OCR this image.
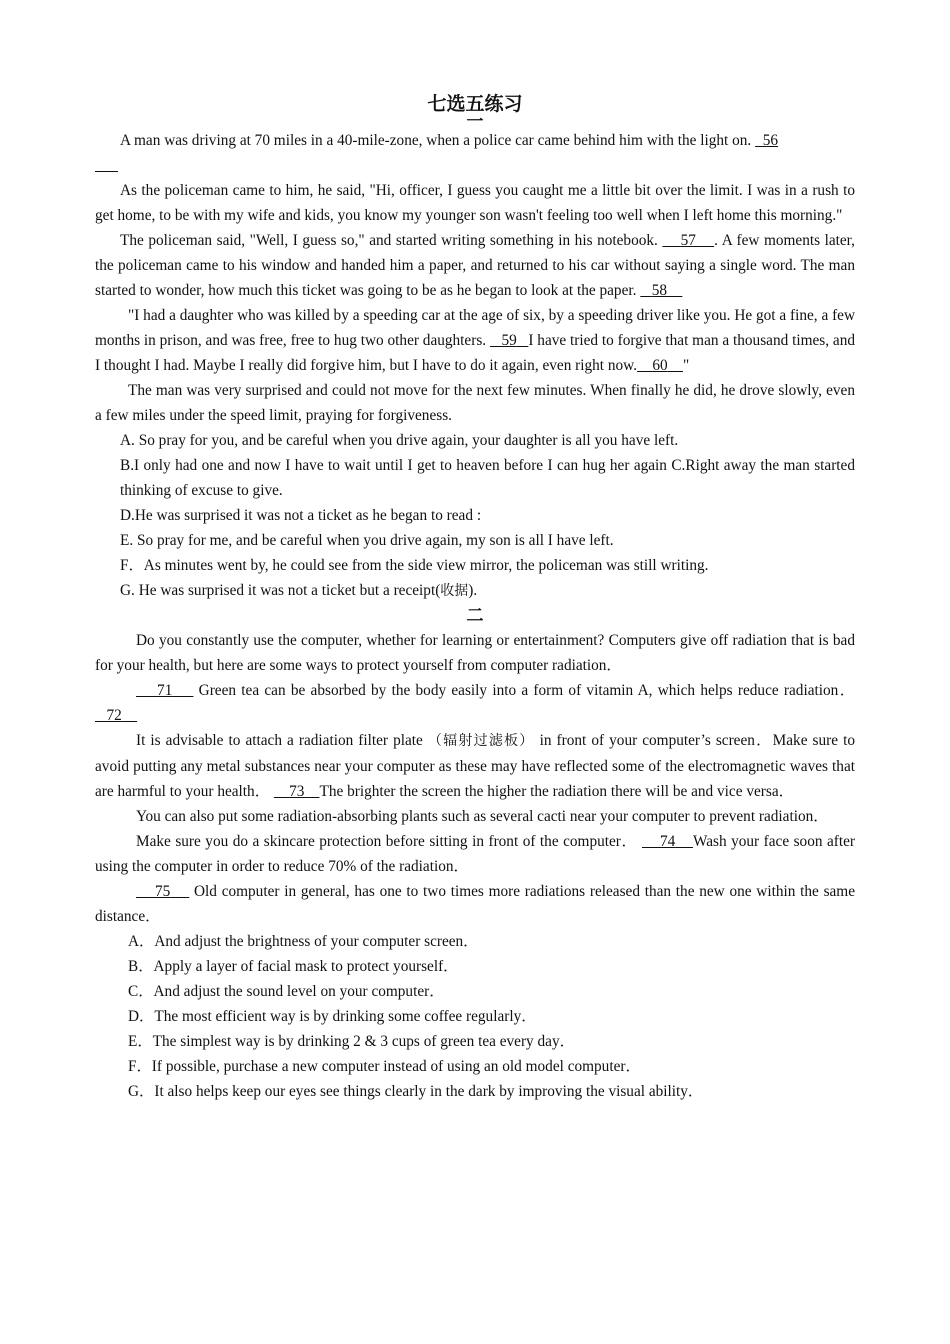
七选五练习
一

A man was driving at 70 miles in a 40-mile-zone, when a police car came behind him with the light on. 56

As the policeman came to him, he said, "Hi, officer, I guess you caught me a little bit over the limit. I was in a rush to get home, to be with my wife and kids, you know my younger son wasn't feeling too well when I left home this morning."

The policeman said, "Well, I guess so," and started writing something in his notebook. 57 . A few moments later, the policeman came to his window and handed him a paper, and returned to his car without saying a single word. The man started to wonder, how much this ticket was going to be as he began to look at the paper. 58

"I had a daughter who was killed by a speeding car at the age of six, by a speeding driver like you. He got a fine, a few months in prison, and was free, free to hug two other daughters. 59 I have tried to forgive that man a thousand times, and I thought I had. Maybe I really did forgive him, but I have to do it again, even right now. 60 "

The man was very surprised and could not move for the next few minutes. When finally he did, he drove slowly, even a few miles under the speed limit, praying for forgiveness.

A. So pray for you, and be careful when you drive again, your daughter is all you have left.

B.I only had one and now I have to wait until I get to heaven before I can hug her again C.Right away the man started thinking of excuse to give.

D.He was surprised it was not a ticket as he began to read :

E. So pray for me, and be careful when you drive again, my son is all I have left.

F．As minutes went by, he could see from the side view mirror, the policeman was still writing.

G. He was surprised it was not a ticket but a receipt(收据).

二

Do you constantly use the computer, whether for learning or entertainment? Computers give off radiation that is bad for your health, but here are some ways to protect yourself from computer radiation．

71     Green tea can be absorbed by the body easily into a form of vitamin A, which helps reduce radiation．    72

It is advisable to attach a radiation filter plate （辐射过滤板） in front of your computer’s screen．Make sure to avoid putting any metal substances near your computer as these may have reflected some of the electromagnetic waves that are harmful to your health． 73 The brighter the screen the higher the radiation there will be and vice versa．

You can also put some radiation-absorbing plants such as several cacti near your computer to prevent radiation．

Make sure you do a skincare protection before sitting in front of the computer． 74 Wash your face soon after using the computer in order to reduce 70% of the radiation．

75     Old computer in general, has one to two times more radiations released than the new one within the same distance．

A．And adjust the brightness of your computer screen．

B．Apply a layer of facial mask to protect yourself．

C．And adjust the sound level on your computer．

D．The most efficient way is by drinking some coffee regularly．

E．The simplest way is by drinking 2 & 3 cups of green tea every day．

F．If possible, purchase a new computer instead of using an old model computer．

G．It also helps keep our eyes see things clearly in the dark by improving the visual ability．
